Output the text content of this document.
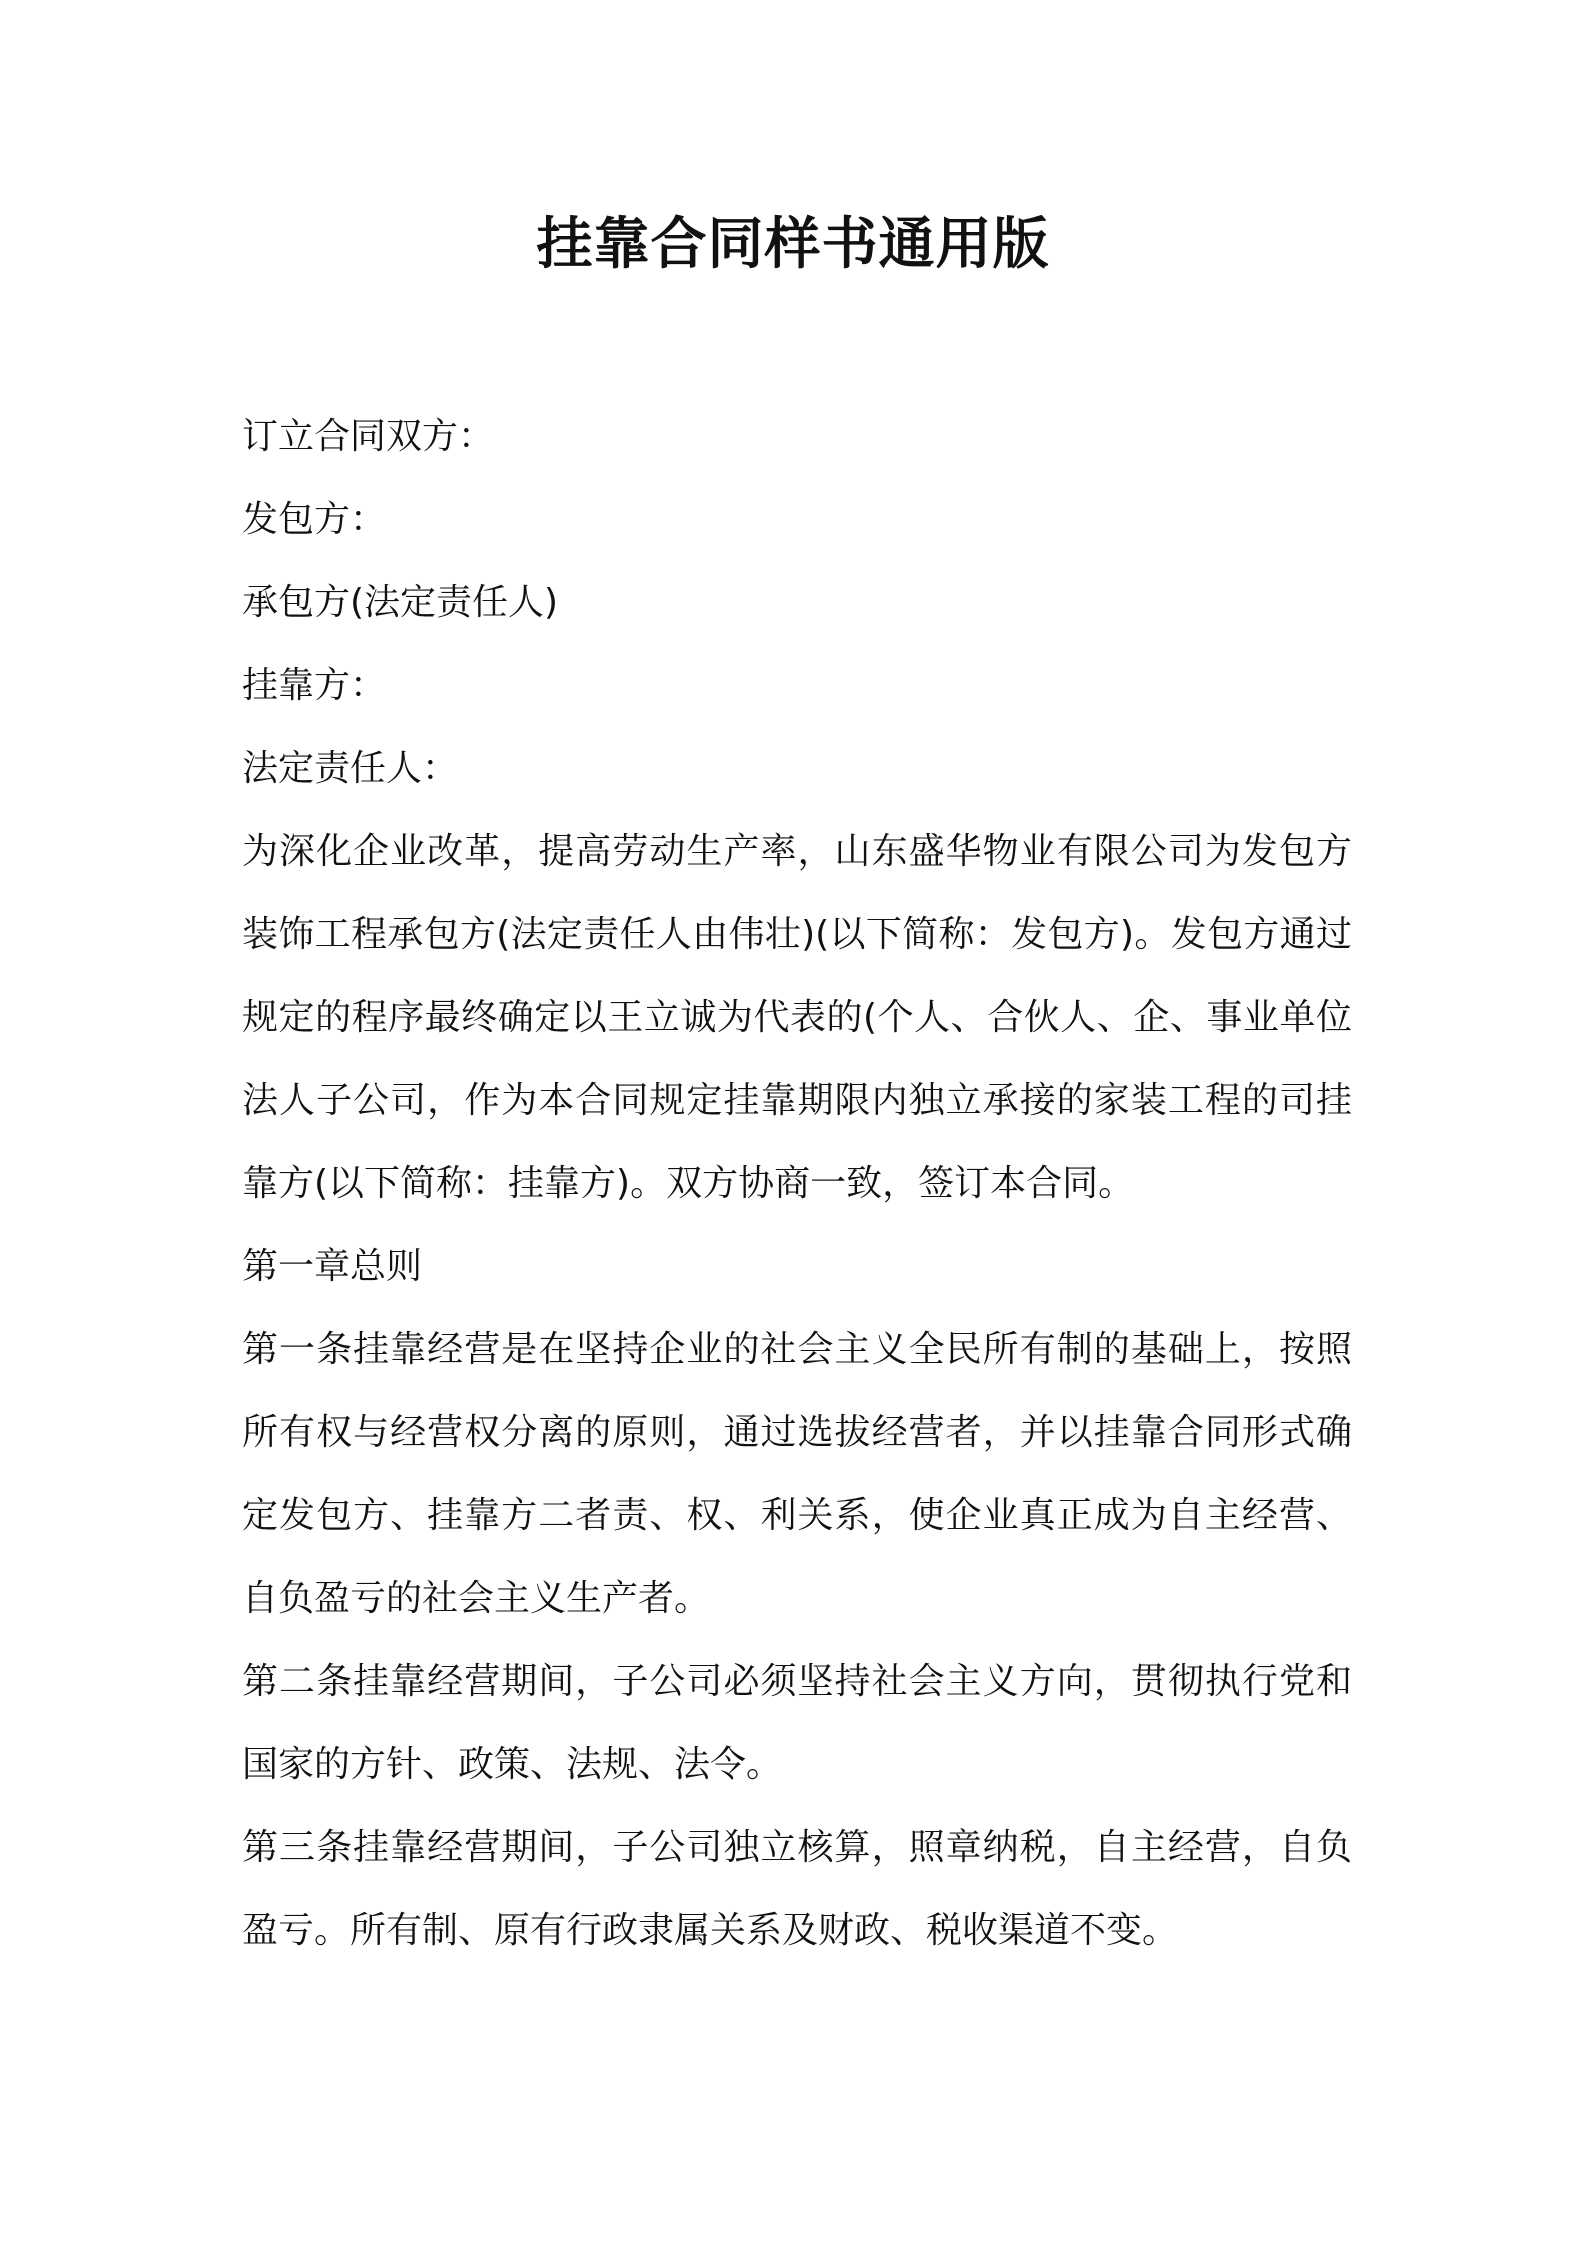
挂靠合同样书通用版
订立合同双方：
发包方：
承包方(法定责任人)
挂靠方：
法定责任人：

为深化企业改革，提高劳动生产率，山东盛华物业有限公司为发包方装饰工程承包方(法定责任人由伟壮)(以下简称：发包方)。发包方通过规定的程序最终确定以王立诚为代表的(个人、合伙人、企、事业单位法人子公司，作为本合同规定挂靠期限内独立承接的家装工程的司挂靠方(以下简称：挂靠方)。双方协商一致，签订本合同。

第一章总则

第一条挂靠经营是在坚持企业的社会主义全民所有制的基础上，按照所有权与经营权分离的原则，通过选拔经营者，并以挂靠合同形式确定发包方、挂靠方二者责、权、利关系，使企业真正成为自主经营、自负盈亏的社会主义生产者。

第二条挂靠经营期间，子公司必须坚持社会主义方向，贯彻执行党和国家的方针、政策、法规、法令。

第三条挂靠经营期间，子公司独立核算，照章纳税，自主经营，自负盈亏。所有制、原有行政隶属关系及财政、税收渠道不变。
